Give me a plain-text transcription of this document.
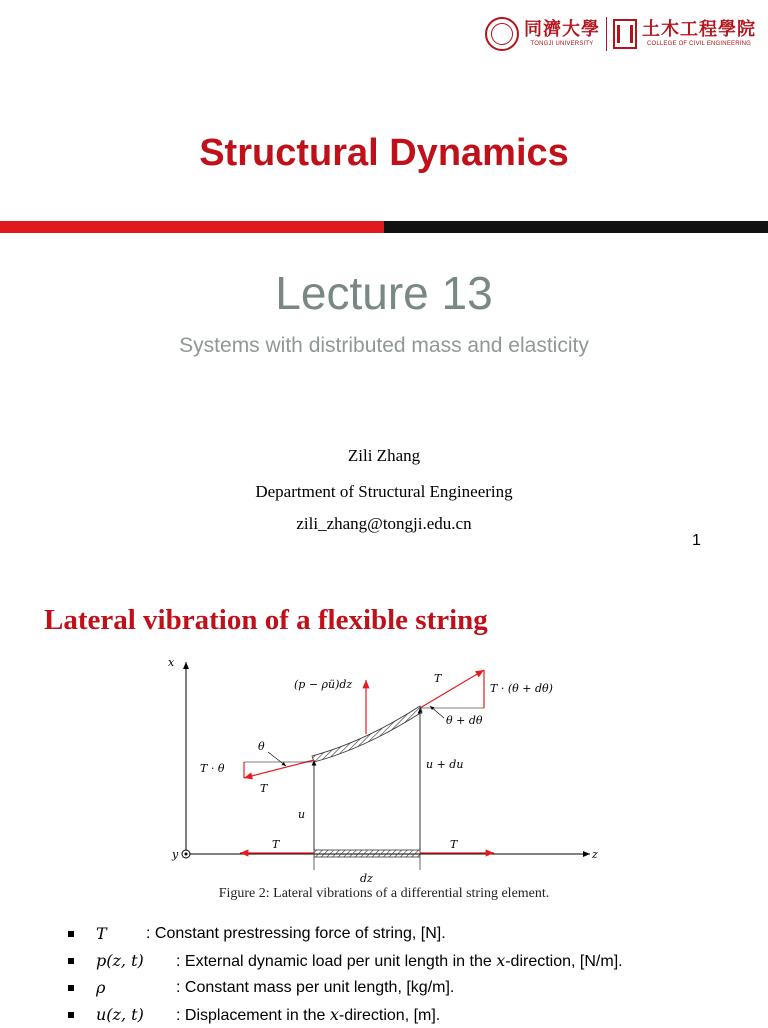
同濟大學
TONGJI UNIVERSITY
土木工程學院
COLLEGE OF CIVIL ENGINEERING
Structural Dynamics
Lecture 13
Systems with distributed mass and elasticity
Zili Zhang
Department of Structural Engineering
zili_zhang@tongji.edu.cn
1
Lateral vibration of a flexible string
x
z
y
dz
T	T
u
u + du
(p − ρü)dz
T · θ
T
θ
T
T · (θ + dθ)
θ + dθ
Figure 2: Lateral vibrations of a differential string element.
T	: Constant prestressing force of string, [N].
p(z, t)	: External dynamic load per unit length in the x-direction, [N/m].
ρ	: Constant mass per unit length, [kg/m].
u(z, t)	: Displacement in the x-direction, [m].
